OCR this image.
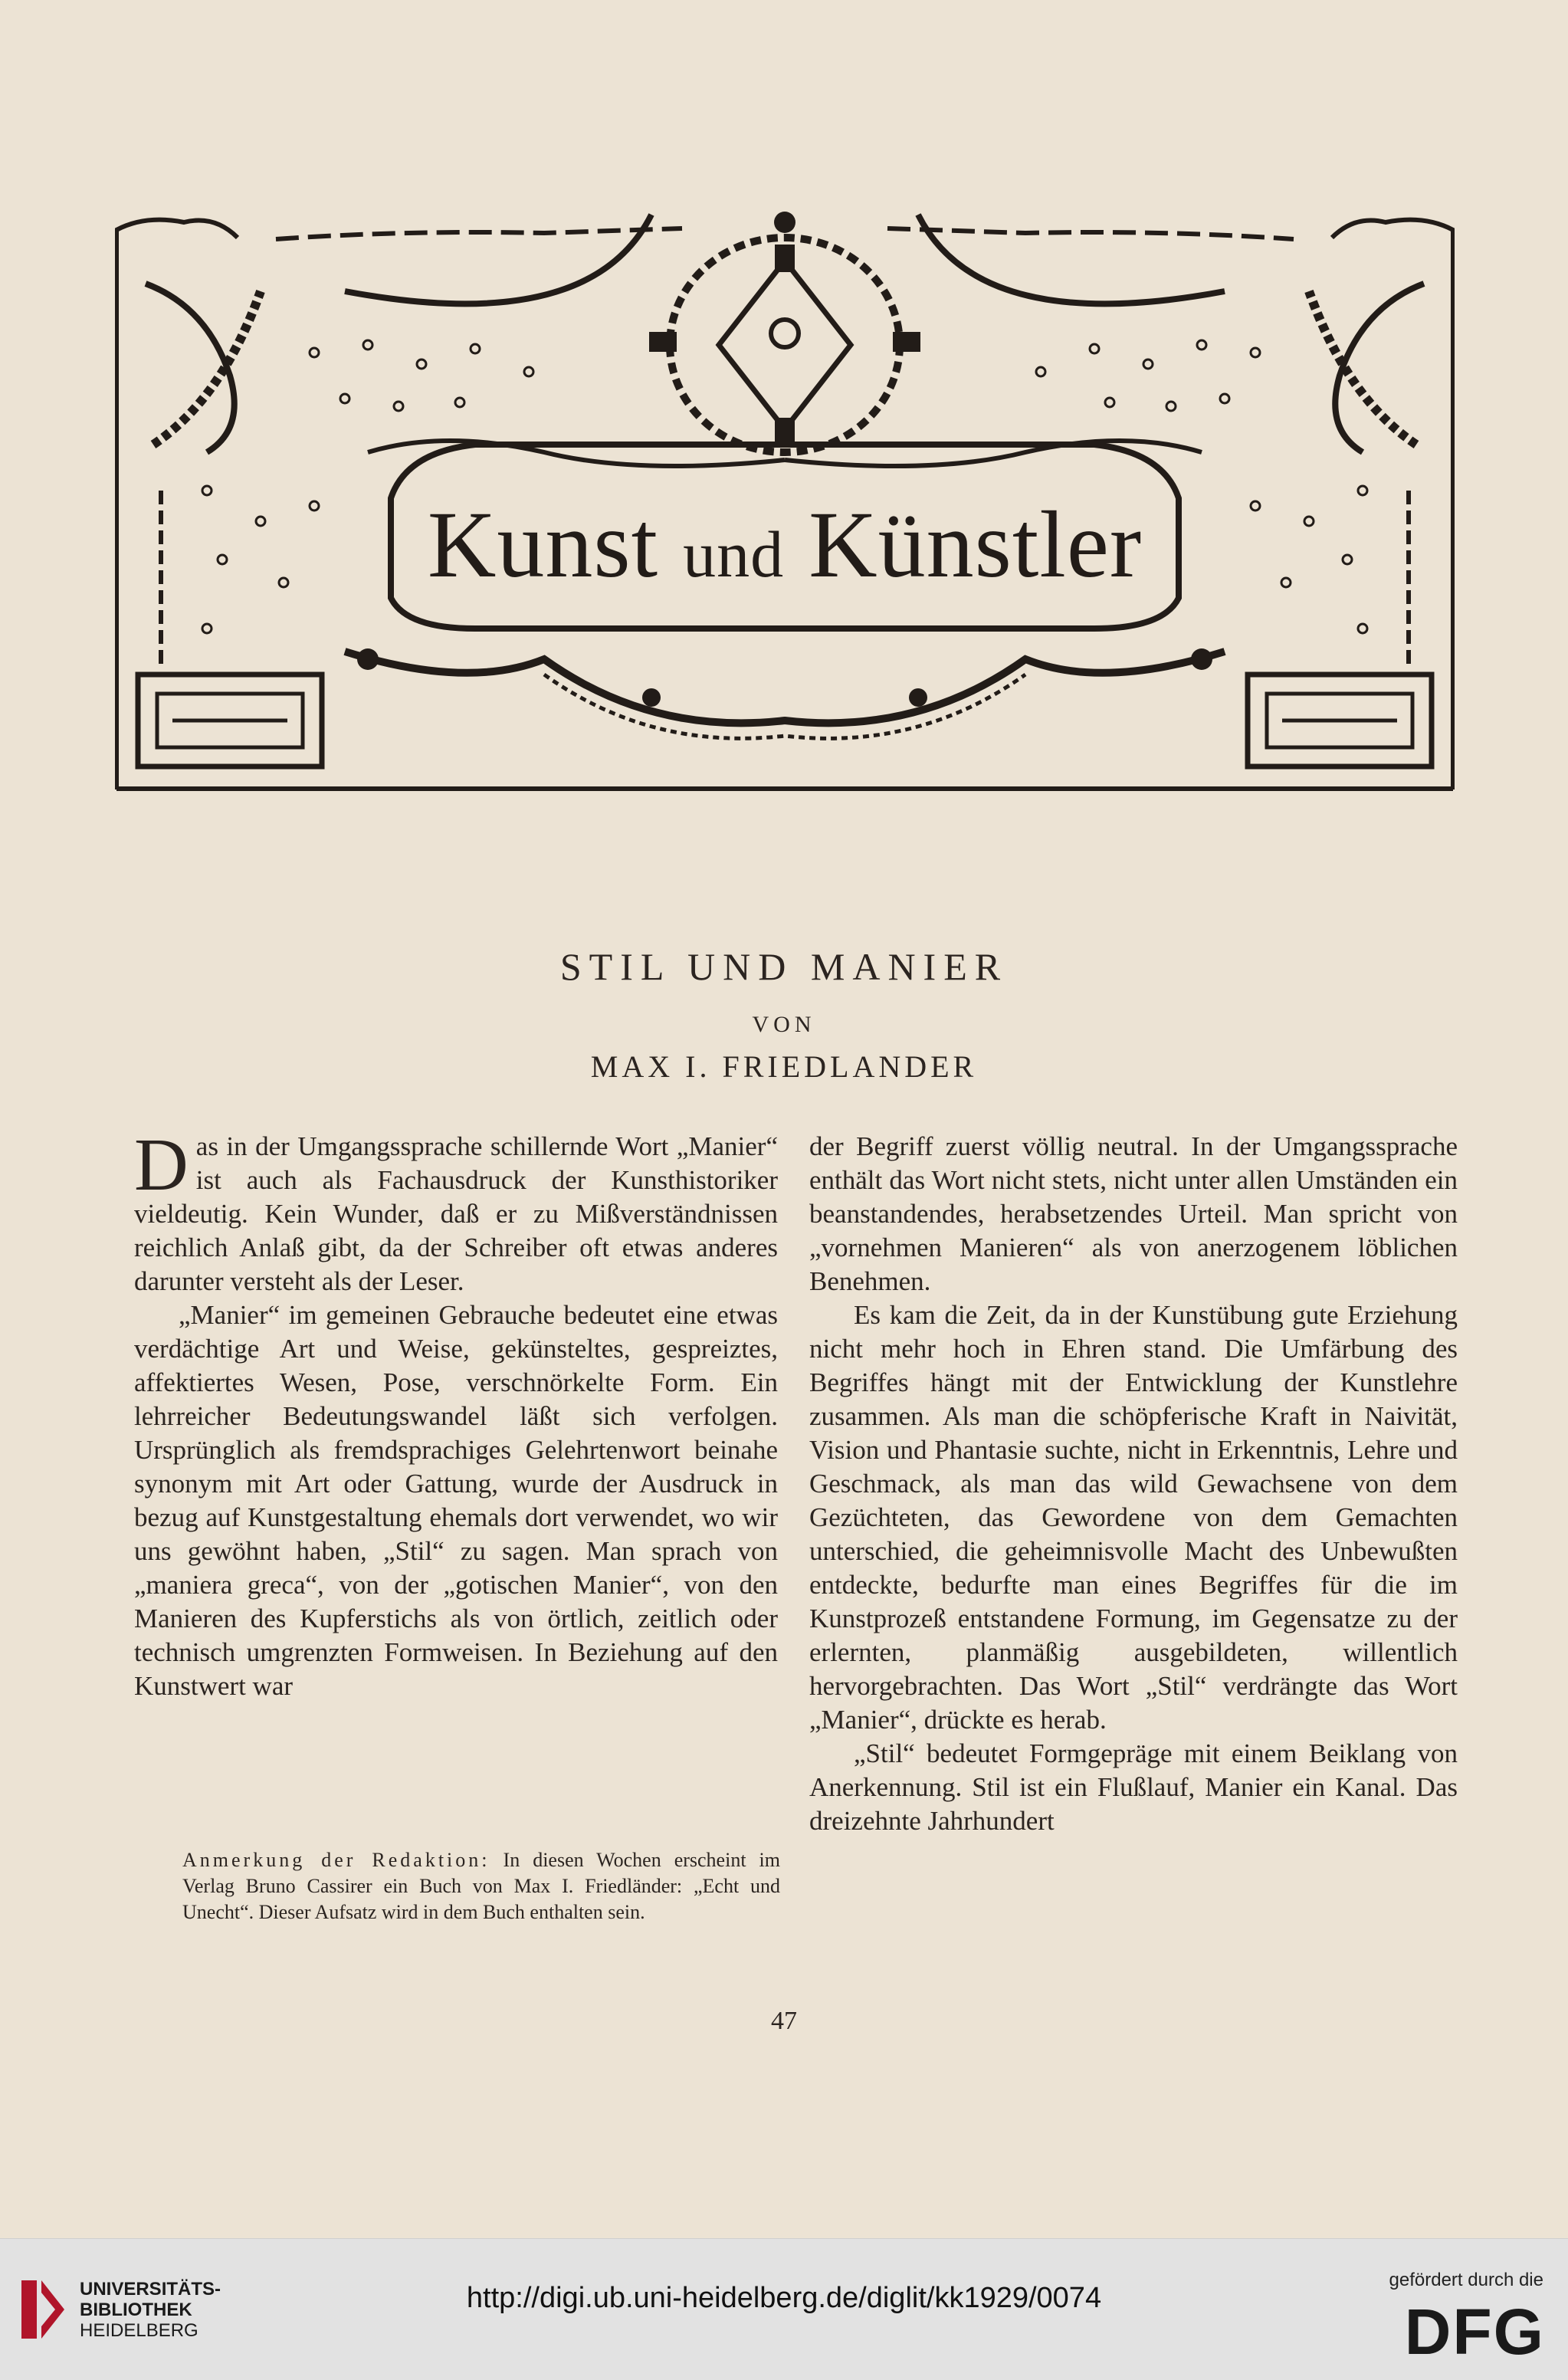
Kunst und Künstler
STIL UND MANIER
VON
MAX I. FRIEDLANDER

Das in der Umgangssprache schillernde Wort „Manier“ ist auch als Fachausdruck der Kunsthistoriker vieldeutig. Kein Wunder, daß er zu Mißverständnissen reichlich Anlaß gibt, da der Schreiber oft etwas anderes darunter versteht als der Leser.

„Manier“ im gemeinen Gebrauche bedeutet eine etwas verdächtige Art und Weise, gekünsteltes, gespreiztes, affektiertes Wesen, Pose, verschnörkelte Form. Ein lehrreicher Bedeutungswandel läßt sich verfolgen. Ursprünglich als fremdsprachiges Gelehrtenwort beinahe synonym mit Art oder Gattung, wurde der Ausdruck in bezug auf Kunstgestaltung ehemals dort verwendet, wo wir uns gewöhnt haben, „Stil“ zu sagen. Man sprach von „maniera greca“, von der „gotischen Manier“, von den Manieren des Kupferstichs als von örtlich, zeitlich oder technisch umgrenzten Formweisen. In Beziehung auf den Kunstwert war

der Begriff zuerst völlig neutral. In der Umgangssprache enthält das Wort nicht stets, nicht unter allen Umständen ein beanstandendes, herabsetzendes Urteil. Man spricht von „vornehmen Manieren“ als von anerzogenem löblichen Benehmen.

Es kam die Zeit, da in der Kunstübung gute Erziehung nicht mehr hoch in Ehren stand. Die Umfärbung des Begriffes hängt mit der Entwicklung der Kunstlehre zusammen. Als man die schöpferische Kraft in Naivität, Vision und Phantasie suchte, nicht in Erkenntnis, Lehre und Geschmack, als man das wild Gewachsene von dem Gezüchteten, das Gewordene von dem Gemachten unterschied, die geheimnisvolle Macht des Unbewußten entdeckte, bedurfte man eines Begriffes für die im Kunstprozeß entstandene Formung, im Gegensatze zu der erlernten, planmäßig ausgebildeten, willentlich hervorgebrachten. Das Wort „Stil“ verdrängte das Wort „Manier“, drückte es herab.

„Stil“ bedeutet Formgepräge mit einem Beiklang von Anerkennung. Stil ist ein Flußlauf, Manier ein Kanal. Das dreizehnte Jahrhundert

Anmerkung der Redaktion: In diesen Wochen erscheint im Verlag Bruno Cassirer ein Buch von Max I. Friedländer: „Echt und Unecht“. Dieser Aufsatz wird in dem Buch enthalten sein.
47
UNIVERSITÄTS-
BIBLIOTHEK
HEIDELBERG
http://digi.ub.uni-heidelberg.de/diglit/kk1929/0074
gefördert durch die
DFG
